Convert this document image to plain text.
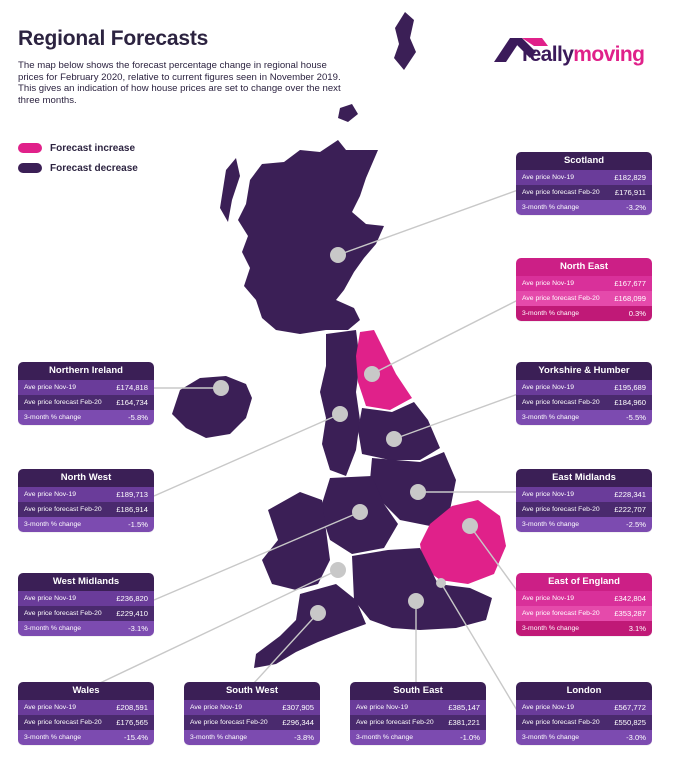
Regional Forecasts

The map below shows the forecast percentage change in regional house prices for February 2020, relative to current figures seen in November 2019. This gives an indication of how house prices are set to change over the next three months.

reallymoving
Forecast increase
Forecast decrease
Scotland
Ave price Nov-19	£182,829
Ave price forecast Feb-20 £176,911
3-month % change	-3.2%
North East
Ave price Nov-19	£167,677
Ave price forecast Feb-20 £168,099
3-month % change	0.3%
Northern Ireland
Ave price Nov-19	£174,818
Ave price forecast Feb-20 £164,734
3-month % change	-5.8%
Yorkshire & Humber
Ave price Nov-19	£195,689
Ave price forecast Feb-20 £184,960
3-month % change	-5.5%
North West
Ave price Nov-19	£189,713
Ave price forecast Feb-20 £186,914
3-month % change	-1.5%
East Midlands
Ave price Nov-19	£228,341
Ave price forecast Feb-20 £222,707
3-month % change	-2.5%
West Midlands
Ave price Nov-19	£236,820
Ave price forecast Feb-20 £229,410
3-month % change	-3.1%
East of England
Ave price Nov-19	£342,804
Ave price forecast Feb-20 £353,287
3-month % change	3.1%
Wales
Ave price Nov-19	£208,591
Ave price forecast Feb-20 £176,565
3-month % change	-15.4%
South West
Ave price Nov-19	£307,905
Ave price forecast Feb-20 £296,344
3-month % change	-3.8%
South East
Ave price Nov-19	£385,147
Ave price forecast Feb-20 £381,221
3-month % change	-1.0%
London
Ave price Nov-19	£567,772
Ave price forecast Feb-20 £550,825
3-month % change	-3.0%
